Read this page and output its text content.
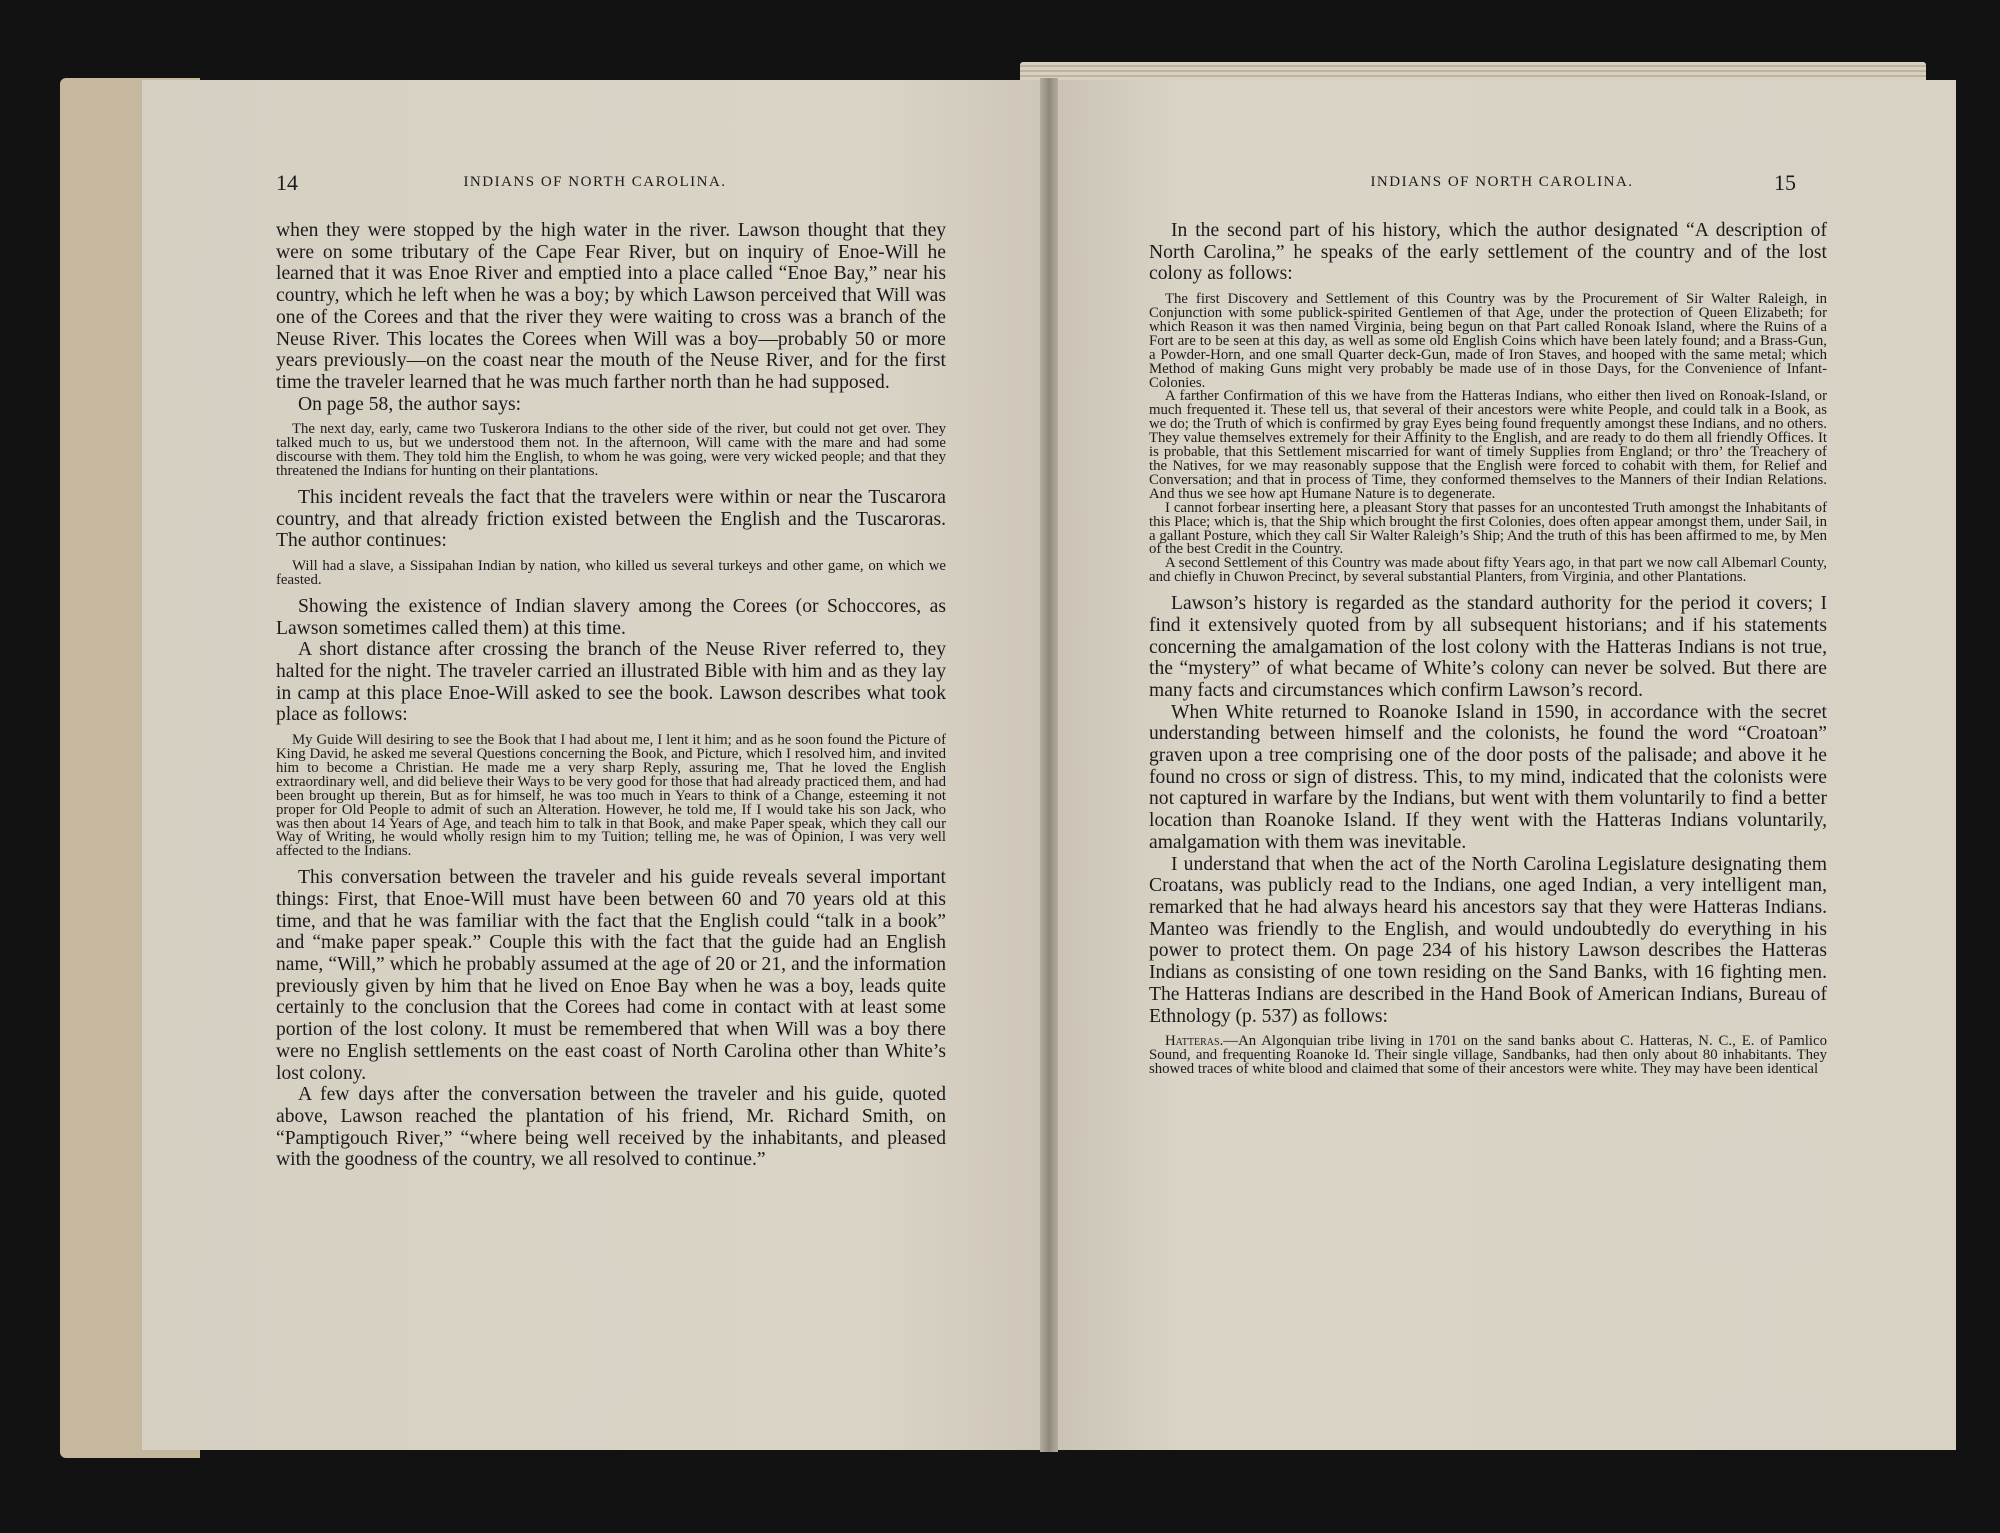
14	INDIANS OF NORTH CAROLINA.

when they were stopped by the high water in the river. Lawson thought that they were on some tributary of the Cape Fear River, but on inquiry of Enoe-Will he learned that it was Enoe River and emptied into a place called “Enoe Bay,” near his country, which he left when he was a boy; by which Lawson perceived that Will was one of the Corees and that the river they were waiting to cross was a branch of the Neuse River. This locates the Corees when Will was a boy—probably 50 or more years previously—on the coast near the mouth of the Neuse River, and for the first time the traveler learned that he was much farther north than he had supposed.

On page 58, the author says:

The next day, early, came two Tuskerora Indians to the other side of the river, but could not get over. They talked much to us, but we understood them not. In the afternoon, Will came with the mare and had some discourse with them. They told him the English, to whom he was going, were very wicked people; and that they threatened the Indians for hunting on their plantations.

This incident reveals the fact that the travelers were within or near the Tuscarora country, and that already friction existed between the English and the Tuscaroras. The author continues:

Will had a slave, a Sissipahan Indian by nation, who killed us several turkeys and other game, on which we feasted.

Showing the existence of Indian slavery among the Corees (or Schoccores, as Lawson sometimes called them) at this time.

A short distance after crossing the branch of the Neuse River referred to, they halted for the night. The traveler carried an illustrated Bible with him and as they lay in camp at this place Enoe-Will asked to see the book. Lawson describes what took place as follows:

My Guide Will desiring to see the Book that I had about me, I lent it him; and as he soon found the Picture of King David, he asked me several Questions concerning the Book, and Picture, which I resolved him, and invited him to become a Christian. He made me a very sharp Reply, assuring me, That he loved the English extraordinary well, and did believe their Ways to be very good for those that had already practiced them, and had been brought up therein, But as for himself, he was too much in Years to think of a Change, esteeming it not proper for Old People to admit of such an Alteration. However, he told me, If I would take his son Jack, who was then about 14 Years of Age, and teach him to talk in that Book, and make Paper speak, which they call our Way of Writing, he would wholly resign him to my Tuition; telling me, he was of Opinion, I was very well affected to the Indians.

This conversation between the traveler and his guide reveals several important things: First, that Enoe-Will must have been between 60 and 70 years old at this time, and that he was familiar with the fact that the English could “talk in a book” and “make paper speak.” Couple this with the fact that the guide had an English name, “Will,” which he probably assumed at the age of 20 or 21, and the information previously given by him that he lived on Enoe Bay when he was a boy, leads quite certainly to the conclusion that the Corees had come in contact with at least some portion of the lost colony. It must be remembered that when Will was a boy there were no English settlements on the east coast of North Carolina other than White’s lost colony.

A few days after the conversation between the traveler and his guide, quoted above, Lawson reached the plantation of his friend, Mr. Richard Smith, on “Pamptigouch River,” “where being well received by the inhabitants, and pleased with the goodness of the country, we all resolved to continue.”

INDIANS OF NORTH CAROLINA.	15

In the second part of his history, which the author designated “A description of North Carolina,” he speaks of the early settlement of the country and of the lost colony as follows:

The first Discovery and Settlement of this Country was by the Procurement of Sir Walter Raleigh, in Conjunction with some publick-spirited Gentlemen of that Age, under the protection of Queen Elizabeth; for which Reason it was then named Virginia, being begun on that Part called Ronoak Island, where the Ruins of a Fort are to be seen at this day, as well as some old English Coins which have been lately found; and a Brass-Gun, a Powder-Horn, and one small Quarter deck-Gun, made of Iron Staves, and hooped with the same metal; which Method of making Guns might very probably be made use of in those Days, for the Convenience of Infant-Colonies.

A farther Confirmation of this we have from the Hatteras Indians, who either then lived on Ronoak-Island, or much frequented it. These tell us, that several of their ancestors were white People, and could talk in a Book, as we do; the Truth of which is confirmed by gray Eyes being found frequently amongst these Indians, and no others. They value themselves extremely for their Affinity to the English, and are ready to do them all friendly Offices. It is probable, that this Settlement miscarried for want of timely Supplies from England; or thro’ the Treachery of the Natives, for we may reasonably suppose that the English were forced to cohabit with them, for Relief and Conversation; and that in process of Time, they conformed themselves to the Manners of their Indian Relations. And thus we see how apt Humane Nature is to degenerate.

I cannot forbear inserting here, a pleasant Story that passes for an uncontested Truth amongst the Inhabitants of this Place; which is, that the Ship which brought the first Colonies, does often appear amongst them, under Sail, in a gallant Posture, which they call Sir Walter Raleigh’s Ship; And the truth of this has been affirmed to me, by Men of the best Credit in the Country.

A second Settlement of this Country was made about fifty Years ago, in that part we now call Albemarl County, and chiefly in Chuwon Precinct, by several substantial Planters, from Virginia, and other Plantations.

Lawson’s history is regarded as the standard authority for the period it covers; I find it extensively quoted from by all subsequent historians; and if his statements concerning the amalgamation of the lost colony with the Hatteras Indians is not true, the “mystery” of what became of White’s colony can never be solved. But there are many facts and circumstances which confirm Lawson’s record.

When White returned to Roanoke Island in 1590, in accordance with the secret understanding between himself and the colonists, he found the word “Croatoan” graven upon a tree comprising one of the door posts of the palisade; and above it he found no cross or sign of distress. This, to my mind, indicated that the colonists were not captured in warfare by the Indians, but went with them voluntarily to find a better location than Roanoke Island. If they went with the Hatteras Indians voluntarily, amalgamation with them was inevitable.

I understand that when the act of the North Carolina Legislature designating them Croatans, was publicly read to the Indians, one aged Indian, a very intelligent man, remarked that he had always heard his ancestors say that they were Hatteras Indians. Manteo was friendly to the English, and would undoubtedly do everything in his power to protect them. On page 234 of his history Lawson describes the Hatteras Indians as consisting of one town residing on the Sand Banks, with 16 fighting men. The Hatteras Indians are described in the Hand Book of American Indians, Bureau of Ethnology (p. 537) as follows:

Hatteras.—An Algonquian tribe living in 1701 on the sand banks about C. Hatteras, N. C., E. of Pamlico Sound, and frequenting Roanoke Id. Their single village, Sandbanks, had then only about 80 inhabitants. They showed traces of white blood and claimed that some of their ancestors were white. They may have been identical
